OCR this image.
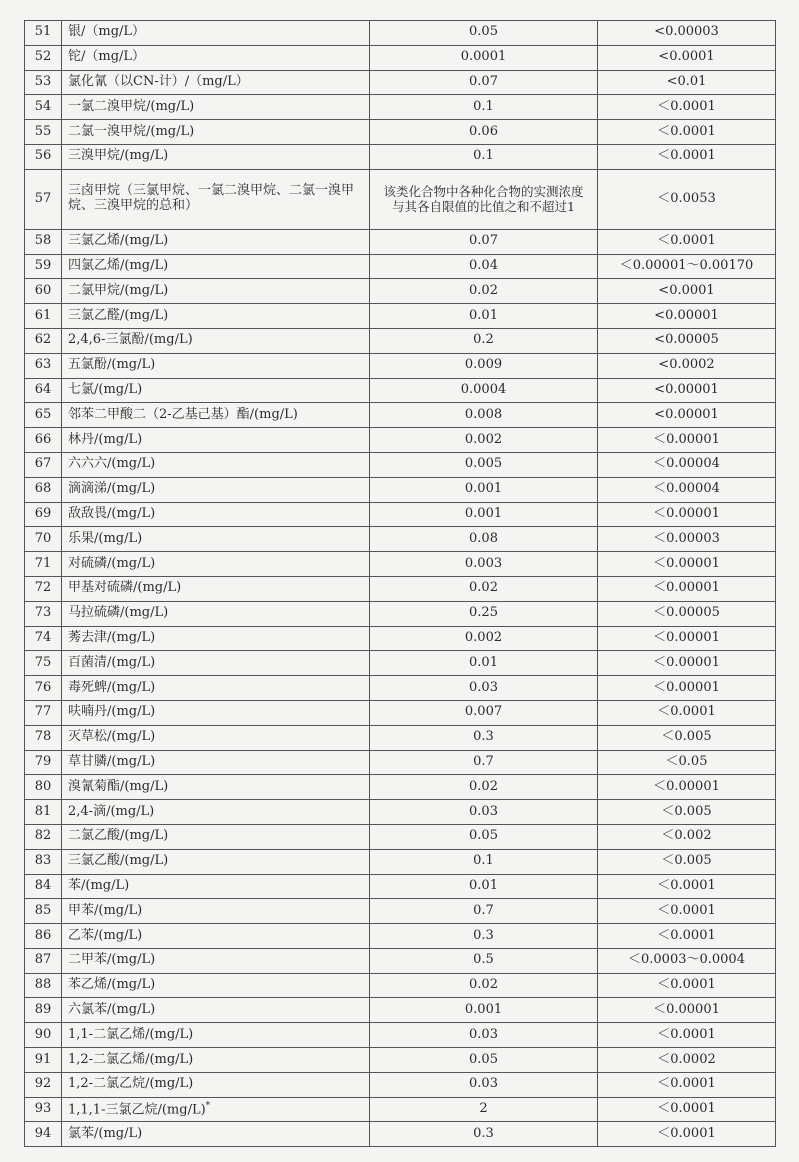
51	银/（mg/L）	0.05	<0.00003
52	铊/（mg/L）	0.0001	<0.0001
53	氯化氰（以CN-计）/（mg/L）	0.07	<0.01
54	一氯二溴甲烷/(mg/L)	0.1	＜0.0001
55	二氯一溴甲烷/(mg/L)	0.06	＜0.0001
56	三溴甲烷/(mg/L)	0.1	＜0.0001
57	三卤甲烷（三氯甲烷、一氯二溴甲烷、二氯一溴甲烷、三溴甲烷的总和）	该类化合物中各种化合物的实测浓度与其各自限值的比值之和不超过1	＜0.0053
58	三氯乙烯/(mg/L)	0.07	＜0.0001
59	四氯乙烯/(mg/L)	0.04	＜0.00001～0.00170
60	二氯甲烷/(mg/L)	0.02	<0.0001
61	三氯乙醛/(mg/L)	0.01	<0.00001
62	2,4,6-三氯酚/(mg/L)	0.2	<0.00005
63	五氯酚/(mg/L)	0.009	<0.0002
64	七氯/(mg/L)	0.0004	<0.00001
65	邻苯二甲酸二（2-乙基己基）酯/(mg/L)	0.008	<0.00001
66	林丹/(mg/L)	0.002	＜0.00001
67	六六六/(mg/L)	0.005	＜0.00004
68	滴滴涕/(mg/L)	0.001	＜0.00004
69	敌敌畏/(mg/L)	0.001	＜0.00001
70	乐果/(mg/L)	0.08	＜0.00003
71	对硫磷/(mg/L)	0.003	＜0.00001
72	甲基对硫磷/(mg/L)	0.02	＜0.00001
73	马拉硫磷/(mg/L)	0.25	＜0.00005
74	莠去津/(mg/L)	0.002	＜0.00001
75	百菌清/(mg/L)	0.01	＜0.00001
76	毒死蜱/(mg/L)	0.03	＜0.00001
77	呋喃丹/(mg/L)	0.007	＜0.0001
78	灭草松/(mg/L)	0.3	＜0.005
79	草甘膦/(mg/L)	0.7	＜0.05
80	溴氰菊酯/(mg/L)	0.02	＜0.00001
81	2,4-滴/(mg/L)	0.03	＜0.005
82	二氯乙酸/(mg/L)	0.05	＜0.002
83	三氯乙酸/(mg/L)	0.1	＜0.005
84	苯/(mg/L)	0.01	＜0.0001
85	甲苯/(mg/L)	0.7	＜0.0001
86	乙苯/(mg/L)	0.3	＜0.0001
87	二甲苯/(mg/L)	0.5	＜0.0003～0.0004
88	苯乙烯/(mg/L)	0.02	＜0.0001
89	六氯苯/(mg/L)	0.001	＜0.00001
90	1,1-二氯乙烯/(mg/L)	0.03	＜0.0001
91	1,2-二氯乙烯/(mg/L)	0.05	＜0.0002
92	1,2-二氯乙烷/(mg/L)	0.03	＜0.0001
93	1,1,1-三氯乙烷/(mg/L)*	2	＜0.0001
94	氯苯/(mg/L)	0.3	＜0.0001
